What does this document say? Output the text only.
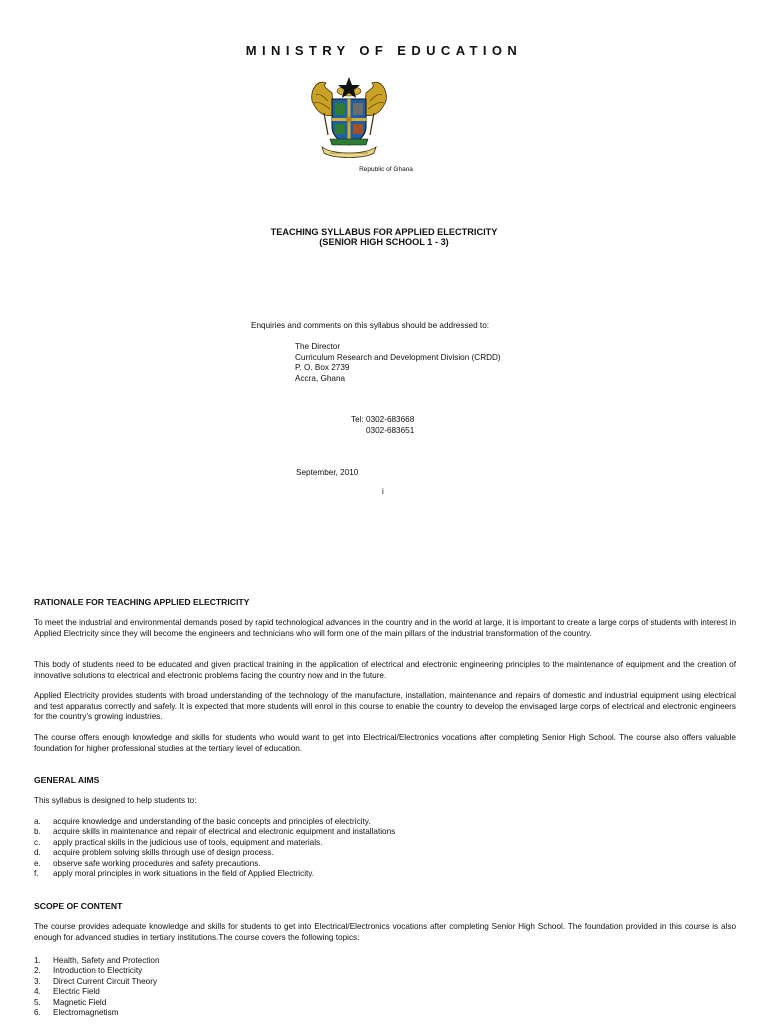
MINISTRY OF EDUCATION
Republic of Ghana
TEACHING SYLLABUS FOR APPLIED ELECTRICITY
(SENIOR HIGH SCHOOL 1 - 3)
Enquiries and comments on this syllabus should be addressed to:
The Director
Curriculum Research and Development Division (CRDD)
P. O. Box 2739
Accra, Ghana
Tel: 0302-683668
0302-683651
September, 2010
i
RATIONALE FOR TEACHING APPLIED ELECTRICITY
To meet the industrial and environmental demands posed by rapid technological advances in the country and in the world at large, it is important to create a large corps of students with interest in Applied Electricity since they will become the engineers and technicians who will form one of the main pillars of the industrial transformation of the country.
This body of students need to be educated and given practical training in the application of electrical and electronic engineering principles to the maintenance of equipment and the creation of innovative solutions to electrical and electronic problems facing the country now and in the future.
Applied Electricity provides students with broad understanding of the technology of the manufacture, installation, maintenance and repairs of domestic and industrial equipment using electrical and test apparatus correctly and safely. It is expected that more students will enrol in this course to enable the country to develop the envisaged large corps of electrical and electronic engineers for the country’s growing industries.
The course offers enough knowledge and skills for students who would want to get into Electrical/Electronics vocations after completing Senior High School. The course also offers valuable foundation for higher professional studies at the tertiary level of education.
GENERAL AIMS
This syllabus is designed to help students to:
a.	acquire knowledge and understanding of the basic concepts and principles of electricity.
b.	acquire skills in maintenance and repair of electrical and electronic equipment and installations
c.	apply practical skills in the judicious use of tools, equipment and materials.
d.	acquire problem solving skills through use of design process.
e.	observe safe working procedures and safety precautions.
f.	apply moral principles in work situations in the field of Applied Electricity.
SCOPE OF CONTENT
The course provides adequate knowledge and skills for students to get into Electrical/Electronics vocations after completing Senior High School. The foundation provided in this course is also enough for advanced studies in tertiary institutions.The course covers the following topics:
1.	Health, Safety and Protection
2.	Introduction to Electricity
3.	Direct Current Circuit Theory
4.	Electric Field
5.	Magnetic Field
6.	Electromagnetism
